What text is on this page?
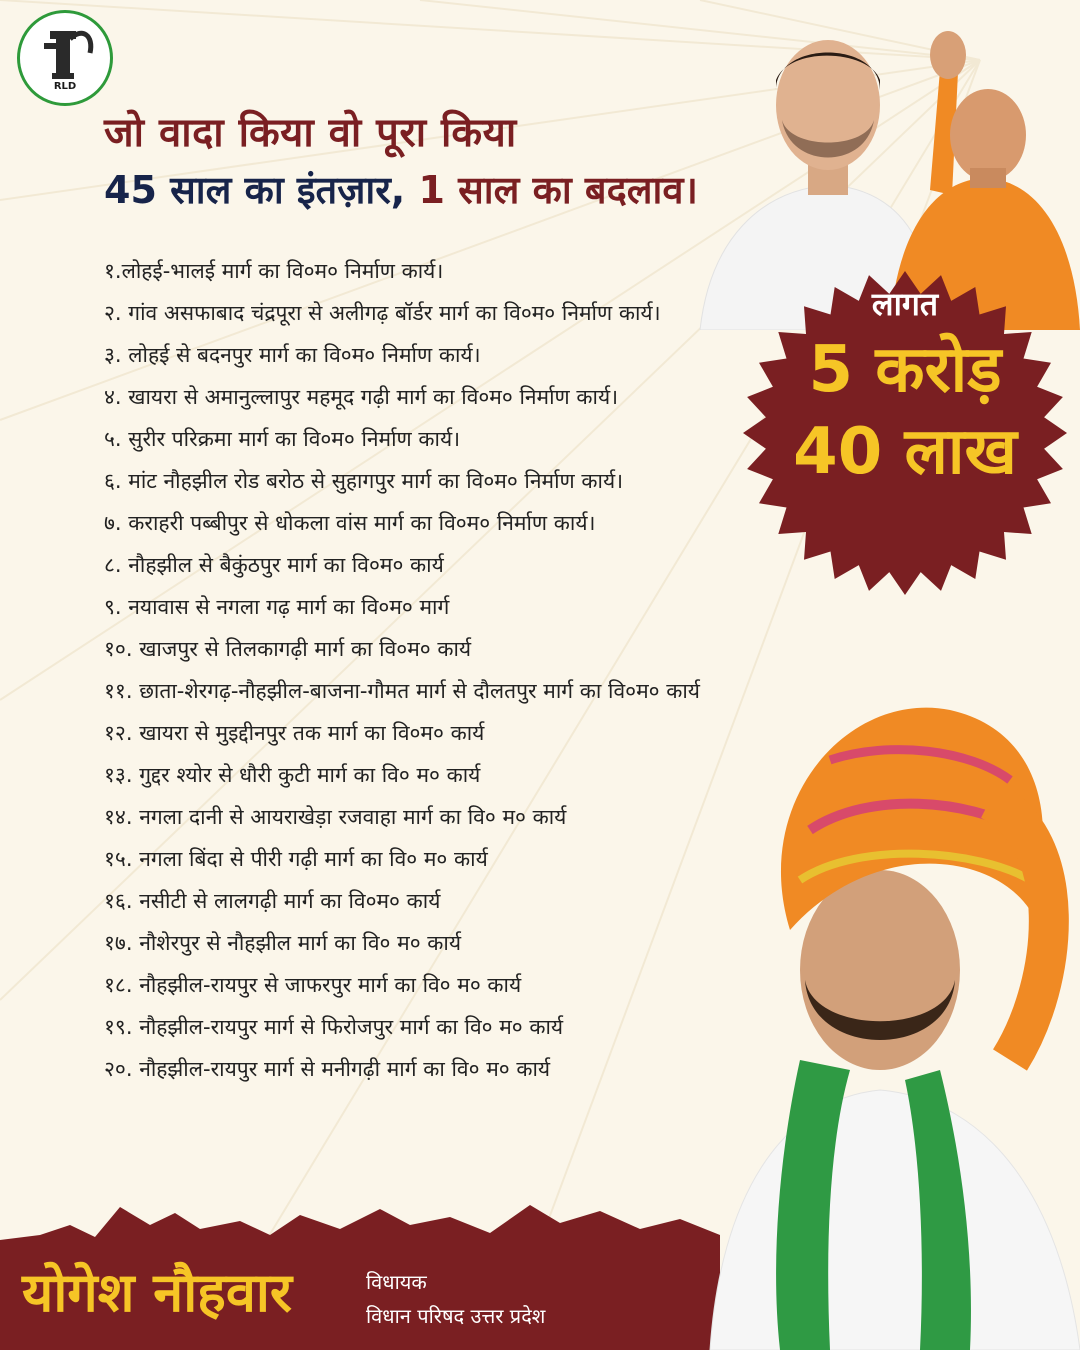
RLD
जो वादा किया वो पूरा किया
45 साल का इंतज़ार, 1 साल का बदलाव।
लागत
5 करोड़
40 लाख
१.लोहई-भालई मार्ग का वि०म० निर्माण कार्य।
२. गांव असफाबाद चंद्रपूरा से अलीगढ़ बॉर्डर मार्ग का वि०म० निर्माण कार्य।
३. लोहई से बदनपुर मार्ग का वि०म० निर्माण कार्य।
४. खायरा से अमानुल्लापुर महमूद गढ़ी मार्ग का वि०म० निर्माण कार्य।
५. सुरीर परिक्रमा मार्ग का वि०म० निर्माण कार्य।
६. मांट नौहझील रोड बरोठ से सुहागपुर मार्ग का वि०म० निर्माण कार्य।
७. कराहरी पब्बीपुर से धोकला वांस मार्ग का वि०म० निर्माण कार्य।
८. नौहझील से बैकुंठपुर मार्ग का वि०म० कार्य
९. नयावास से नगला गढ़ मार्ग का वि०म० मार्ग
१०. खाजपुर से तिलकागढ़ी मार्ग का वि०म० कार्य
११. छाता-शेरगढ़-नौहझील-बाजना-गौमत मार्ग से दौलतपुर मार्ग का वि०म० कार्य
१२. खायरा से मुइद्दीनपुर तक मार्ग का वि०म० कार्य
१३. गुद्दर श्योर से धौरी कुटी मार्ग का वि० म० कार्य
१४. नगला दानी से आयराखेड़ा रजवाहा मार्ग का वि० म० कार्य
१५. नगला बिंदा से पीरी गढ़ी मार्ग का वि० म० कार्य
१६. नसीटी से लालगढ़ी मार्ग का वि०म० कार्य
१७. नौशेरपुर से नौहझील मार्ग का वि० म० कार्य
१८. नौहझील-रायपुर से जाफरपुर मार्ग का वि० म० कार्य
१९. नौहझील-रायपुर मार्ग से फिरोजपुर मार्ग का वि० म० कार्य
२०. नौहझील-रायपुर मार्ग से मनीगढ़ी मार्ग का वि० म० कार्य
योगेश नौहवार	विधायक
विधान परिषद उत्तर प्रदेश
